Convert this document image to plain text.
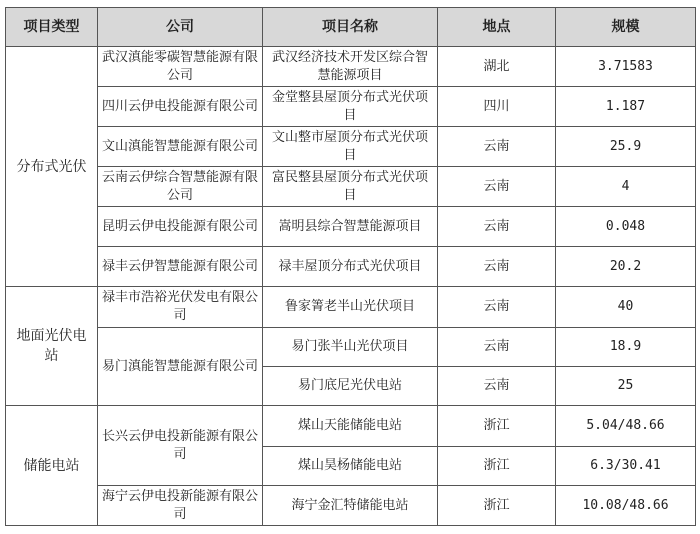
项目类型	公司	项目名称	地点	规模
分布式光伏	武汉滇能零碳智慧能源有限公司	武汉经济技术开发区综合智慧能源项目	湖北	3.71583
	四川云伊电投能源有限公司	金堂整县屋顶分布式光伏项目	四川	1.187
	文山滇能智慧能源有限公司	文山整市屋顶分布式光伏项目	云南	25.9
	云南云伊综合智慧能源有限公司	富民整县屋顶分布式光伏项目	云南	4
	昆明云伊电投能源有限公司	嵩明县综合智慧能源项目	云南	0.048
	禄丰云伊智慧能源有限公司	禄丰屋顶分布式光伏项目	云南	20.2
地面光伏电站	禄丰市浩裕光伏发电有限公司	鲁家箐老半山光伏项目	云南	40
	易门滇能智慧能源有限公司	易门张半山光伏项目	云南	18.9
		易门底尼光伏电站	云南	25
储能电站	长兴云伊电投新能源有限公司	煤山天能储能电站	浙江	5.04/48.66
		煤山昊杨储能电站	浙江	6.3/30.41
	海宁云伊电投新能源有限公司	海宁金汇特储能电站	浙江	10.08/48.66
